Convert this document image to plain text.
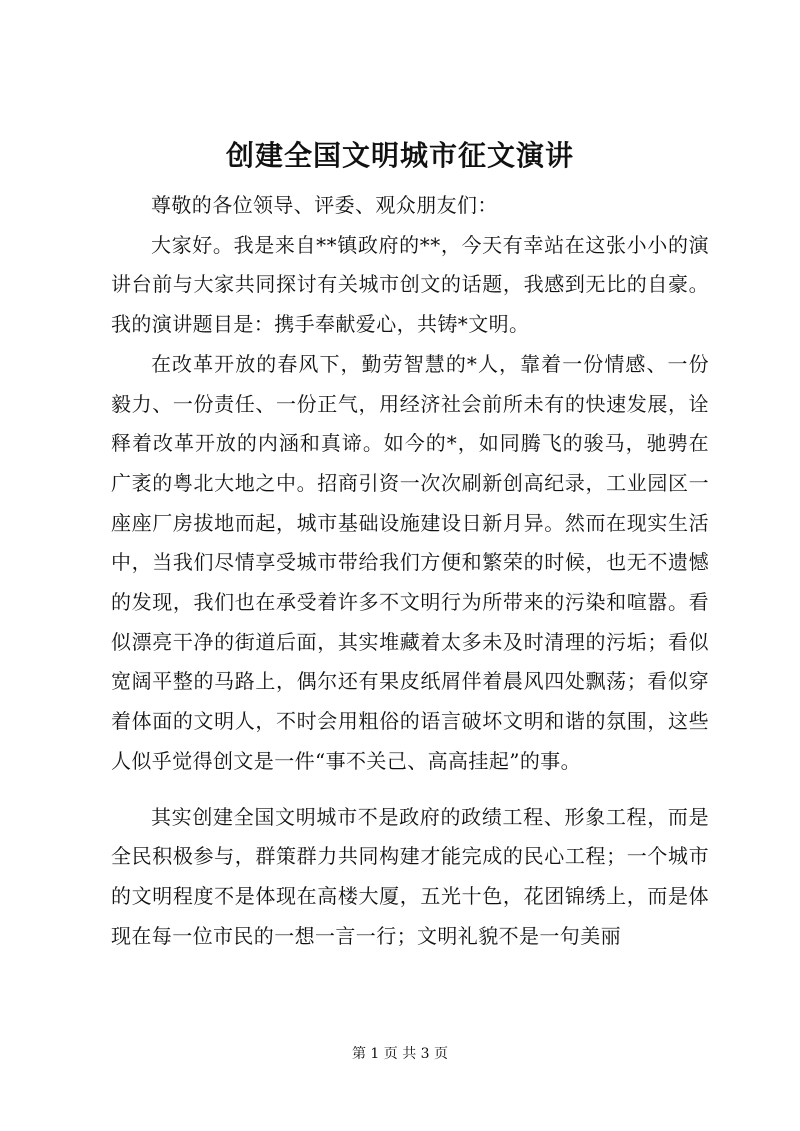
创建全国文明城市征文演讲

尊敬的各位领导、评委、观众朋友们：

大家好。我是来自**镇政府的**，今天有幸站在这张小小的演讲台前与大家共同探讨有关城市创文的话题，我感到无比的自豪。我的演讲题目是：携手奉献爱心，共铸*文明。

在改革开放的春风下，勤劳智慧的*人，靠着一份情感、一份毅力、一份责任、一份正气，用经济社会前所未有的快速发展，诠释着改革开放的内涵和真谛。如今的*，如同腾飞的骏马，驰骋在广袤的粤北大地之中。招商引资一次次刷新创高纪录，工业园区一座座厂房拔地而起，城市基础设施建设日新月异。然而在现实生活中，当我们尽情享受城市带给我们方便和繁荣的时候，也无不遗憾的发现，我们也在承受着许多不文明行为所带来的污染和喧嚣。看似漂亮干净的街道后面，其实堆藏着太多未及时清理的污垢；看似宽阔平整的马路上，偶尔还有果皮纸屑伴着晨风四处飘荡；看似穿着体面的文明人，不时会用粗俗的语言破坏文明和谐的氛围，这些人似乎觉得创文是一件“事不关己、高高挂起”的事。

其实创建全国文明城市不是政府的政绩工程、形象工程，而是全民积极参与，群策群力共同构建才能完成的民心工程；一个城市的文明程度不是体现在高楼大厦，五光十色，花团锦绣上，而是体现在每一位市民的一想一言一行；文明礼貌不是一句美丽

第 1 页 共 3 页
